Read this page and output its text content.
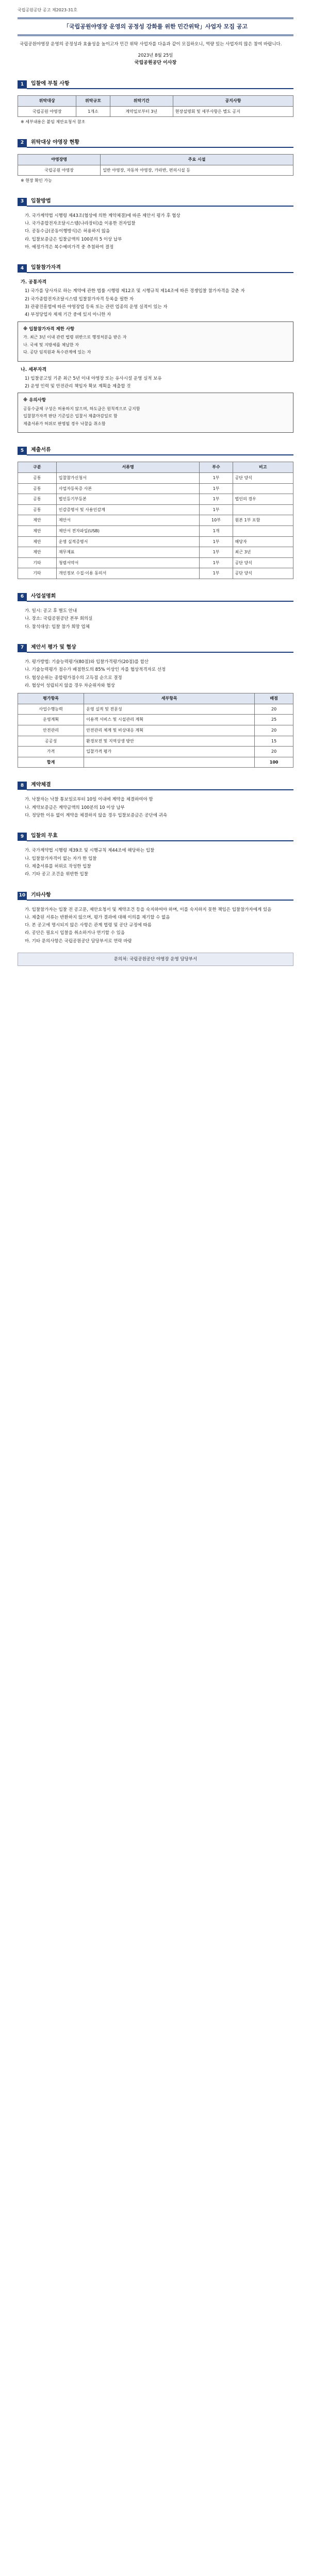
국립공원공단 공고 제2023-31호
「국립공원야영장 운영의 공정성 강화를 위한 민간위탁」사업자 모집 공고
국립공원야영장 운영의 공정성과 효율성을 높이고자 민간 위탁 사업자를 다음과 같이 모집하오니, 역량 있는 사업자의 많은 참여 바랍니다.
2023년 8월 25일
국립공원공단 이사장
1	입찰에 부칠 사항
위탁대상	위탁규모	위탁기간	공지사항
국립공원 야영장	1개소	계약일로부터 3년	현장설명회 및 세부사항은 별도 공지
※ 세부내용은 붙임 제안요청서 참조
2	위탁대상 야영장 현황
야영장명	주요 시설
국립공원 야영장	일반 야영장, 자동차 야영장, 카라반, 편의시설 등
※ 현장 확인 가능
3	입찰방법
가. 국가계약법 시행령 제43조(협상에 의한 계약체결)에 따른 제안서 평가 후 협상
나. 국가종합전자조달시스템(나라장터)을 이용한 전자입찰
다. 공동수급(공동이행방식)은 허용하지 않음
라. 입찰보증금은 입찰금액의 100분의 5 이상 납부
마. 예정가격은 복수예비가격 중 추첨하여 결정
4	입찰참가자격
가. 공통자격
1) 국가를 당사자로 하는 계약에 관한 법률 시행령 제12조 및 시행규칙 제14조에 따른 경쟁입찰 참가자격을 갖춘 자
2) 국가종합전자조달시스템 입찰참가자격 등록을 필한 자
3) 관광진흥법에 따른 야영장업 등록 또는 관련 업종의 운영 실적이 있는 자
4) 부정당업자 제재 기간 중에 있지 아니한 자
※ 입찰참가자격 제한 사항

가. 최근 3년 이내 관련 법령 위반으로 행정처분을 받은 자

나. 국세 및 지방세를 체납한 자

다. 공단 임직원과 특수관계에 있는 자

나. 세부자격
1) 입찰공고일 기준 최근 5년 이내 야영장 또는 유사시설 운영 실적 보유
2) 운영 인력 및 안전관리 책임자 확보 계획을 제출할 것
※ 유의사항

공동수급체 구성은 허용하지 않으며, 하도급은 원칙적으로 금지함

입찰참가자격 판단 기준일은 입찰서 제출마감일로 함

제출서류가 허위로 판명될 경우 낙찰을 취소함

5	제출서류
구분	서류명	부수	비고
공통	입찰참가신청서	1부	공단 양식
공통	사업자등록증 사본	1부	
공통	법인등기부등본	1부	법인의 경우
공통	인감증명서 및 사용인감계	1부	
제안	제안서	10부	원본 1부 포함
제안	제안서 전자파일(USB)	1개	
제안	운영 실적증명서	1부	해당자
제안	재무제표	1부	최근 3년
기타	청렴서약서	1부	공단 양식
기타	개인정보 수집·이용 동의서	1부	공단 양식
6	사업설명회
가. 일시: 공고 후 별도 안내
나. 장소: 국립공원공단 본부 회의실
다. 참석대상: 입찰 참가 희망 업체
7	제안서 평가 및 협상
가. 평가방법: 기술능력평가(80점)와 입찰가격평가(20점)를 합산
나. 기술능력평가 점수가 배점한도의 85% 이상인 자를 협상적격자로 선정
다. 협상순위는 종합평가점수의 고득점 순으로 결정
라. 협상이 성립되지 않을 경우 차순위자와 협상
평가항목	세부항목	배점
사업수행능력	운영 실적 및 전문성	20
운영계획	이용객 서비스 및 시설관리 계획	25
안전관리	안전관리 체계 및 비상대응 계획	20
공공성	환경보전 및 지역상생 방안	15
가격	입찰가격 평가	20
합계		100
8	계약체결
가. 낙찰자는 낙찰 통보일로부터 10일 이내에 계약을 체결하여야 함
나. 계약보증금은 계약금액의 100분의 10 이상 납부
다. 정당한 이유 없이 계약을 체결하지 않을 경우 입찰보증금은 공단에 귀속
9	입찰의 무효
가. 국가계약법 시행령 제39조 및 시행규칙 제44조에 해당하는 입찰
나. 입찰참가자격이 없는 자가 한 입찰
다. 제출서류를 허위로 작성한 입찰
라. 기타 공고 조건을 위반한 입찰
10	기타사항
가. 입찰참가자는 입찰 전 공고문, 제안요청서 및 계약조건 등을 숙지하여야 하며, 이를 숙지하지 못한 책임은 입찰참가자에게 있음
나. 제출된 서류는 반환하지 않으며, 평가 결과에 대해 이의를 제기할 수 없음
다. 본 공고에 명시되지 않은 사항은 관계 법령 및 공단 규정에 따름
라. 공단은 필요시 입찰을 취소하거나 연기할 수 있음
마. 기타 문의사항은 국립공원공단 담당부서로 연락 바람
문의처: 국립공원공단 야영장 운영 담당부서
